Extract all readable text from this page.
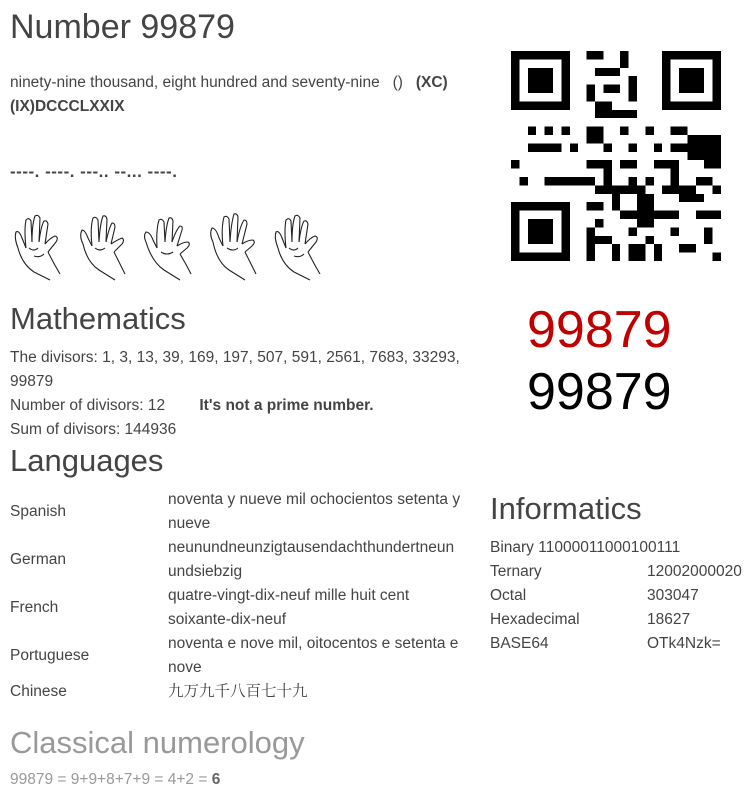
Number 99879
ninety-nine thousand, eight hundred and seventy-nine () (XC)
(IX)DCCCLXXIX
----. ----. ---.. --... ----.
99879
99879
Mathematics
The divisors: 1, 3, 13, 39, 169, 197, 507, 591, 2561, 7683, 33293, 99879
Number of divisors: 12 It's not a prime number.
Sum of divisors: 144936
Languages
Spanish	noventa y nueve mil ochocientos setenta y
nueve
German	neunundneunzigtausendachthundertneun
undsiebzig
French	quatre-vingt-dix-neuf mille huit cent
soixante-dix-neuf
Portuguese	noventa e nove mil, oitocentos e setenta e
nove
Chinese	九万九千八百七十九
Informatics
Binary 11000011000100111
Ternary	12002000020
Octal	303047
Hexadecimal	18627
BASE64	OTk4Nzk=
Classical numerology
99879 = 9+9+8+7+9 = 4+2 = 6
